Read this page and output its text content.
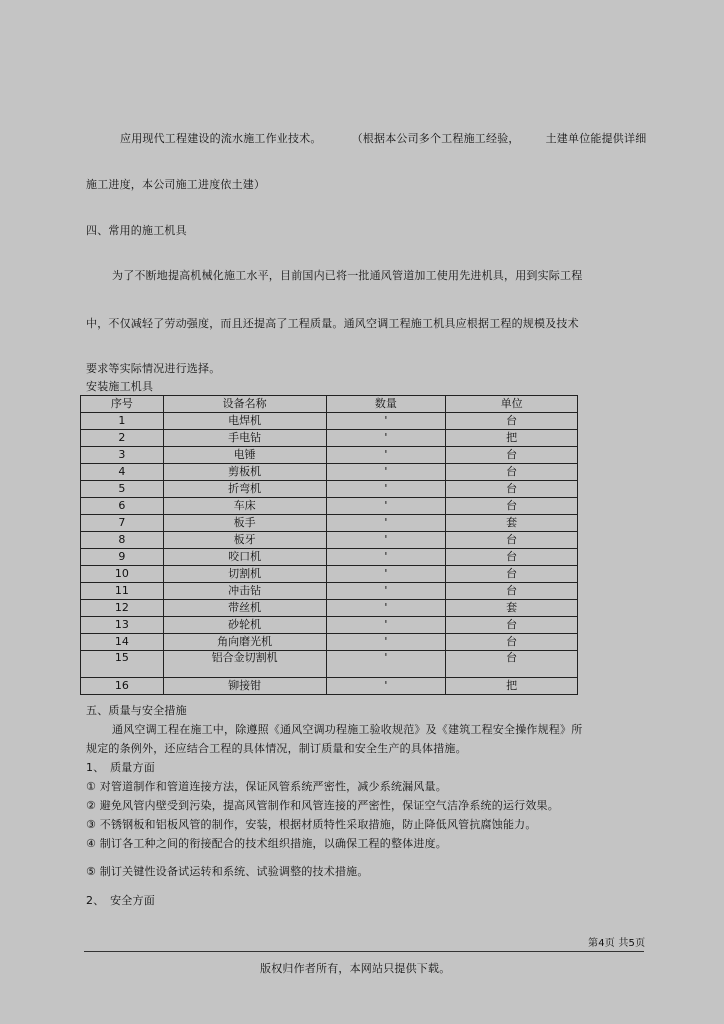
应用现代工程建设的流水施工作业技术。	（根据本公司多个工程施工经验， 土建单位能提供详细
施工进度，本公司施工进度依土建）
四、常用的施工机具
为了不断地提高机械化施工水平，目前国内已将一批通风管道加工使用先进机具，用到实际工程
中，不仅减轻了劳动强度，而且还提高了工程质量。通风空调工程施工机具应根据工程的规模及技术
要求等实际情况进行选择。
安装施工机具
序号	设备名称	数量	单位
1	电焊机	'	台
2	手电钻	'	把
3	电锤	'	台
4	剪板机	'	台
5	折弯机	'	台
6	车床	'	台
7	板手	'	套
8	板牙	'	台
9	咬口机	'	台
10	切割机	'	台
11	冲击钻	'	台
12	带丝机	'	套
13	砂轮机	'	台
14	角向磨光机	'	台
15	铝合金切割机	'	台
16	铆接钳	'	把
五、质量与安全措施
通风空调工程在施工中，除遵照《通风空调功程施工验收规范》及《建筑工程安全操作规程》所
规定的条例外，还应结合工程的具体情况，制订质量和安全生产的具体措施。
1、　质量方面
① 对管道制作和管道连接方法，保证风管系统严密性，减少系统漏风量。
② 避免风管内壁受到污染，提高风管制作和风管连接的严密性，保证空气洁净系统的运行效果。
③ 不锈钢板和铝板风管的制作，安装，根据材质特性采取措施，防止降低风管抗腐蚀能力。
④ 制订各工种之间的衔接配合的技术组织措施，以确保工程的整体进度。
⑤ 制订关键性设备试运转和系统、试验调整的技术措施。
2、　安全方面
第4页 共5页
版权归作者所有，本网站只提供下载。
